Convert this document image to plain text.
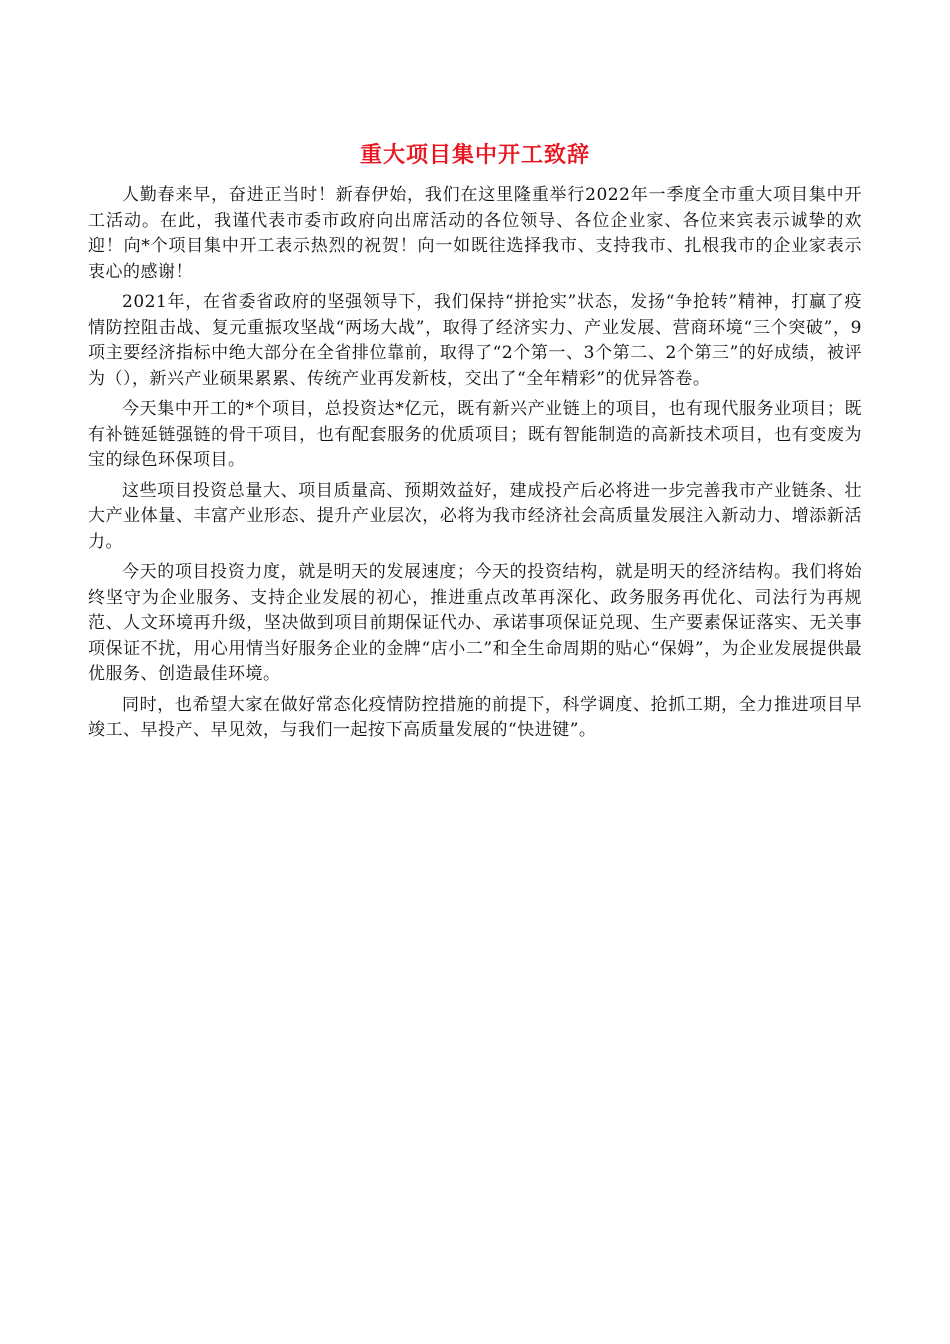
重大项目集中开工致辞

人勤春来早，奋进正当时！新春伊始，我们在这里隆重举行2022年一季度全市重大项目集中开工活动。在此，我谨代表市委市政府向出席活动的各位领导、各位企业家、各位来宾表示诚挚的欢迎！向*个项目集中开工表示热烈的祝贺！向一如既往选择我市、支持我市、扎根我市的企业家表示衷心的感谢！

2021年，在省委省政府的坚强领导下，我们保持“拼抢实”状态，发扬“争抢转”精神，打赢了疫情防控阻击战、复元重振攻坚战“两场大战”，取得了经济实力、产业发展、营商环境“三个突破”，9项主要经济指标中绝大部分在全省排位靠前，取得了“2个第一、3个第二、2个第三”的好成绩，被评为（），新兴产业硕果累累、传统产业再发新枝，交出了“全年精彩”的优异答卷。

今天集中开工的*个项目，总投资达*亿元，既有新兴产业链上的项目，也有现代服务业项目；既有补链延链强链的骨干项目，也有配套服务的优质项目；既有智能制造的高新技术项目，也有变废为宝的绿色环保项目。

这些项目投资总量大、项目质量高、预期效益好，建成投产后必将进一步完善我市产业链条、壮大产业体量、丰富产业形态、提升产业层次，必将为我市经济社会高质量发展注入新动力、增添新活力。

今天的项目投资力度，就是明天的发展速度；今天的投资结构，就是明天的经济结构。我们将始终坚守为企业服务、支持企业发展的初心，推进重点改革再深化、政务服务再优化、司法行为再规范、人文环境再升级，坚决做到项目前期保证代办、承诺事项保证兑现、生产要素保证落实、无关事项保证不扰，用心用情当好服务企业的金牌“店小二”和全生命周期的贴心“保姆”，为企业发展提供最优服务、创造最佳环境。

同时，也希望大家在做好常态化疫情防控措施的前提下，科学调度、抢抓工期，全力推进项目早竣工、早投产、早见效，与我们一起按下高质量发展的“快进键”。
